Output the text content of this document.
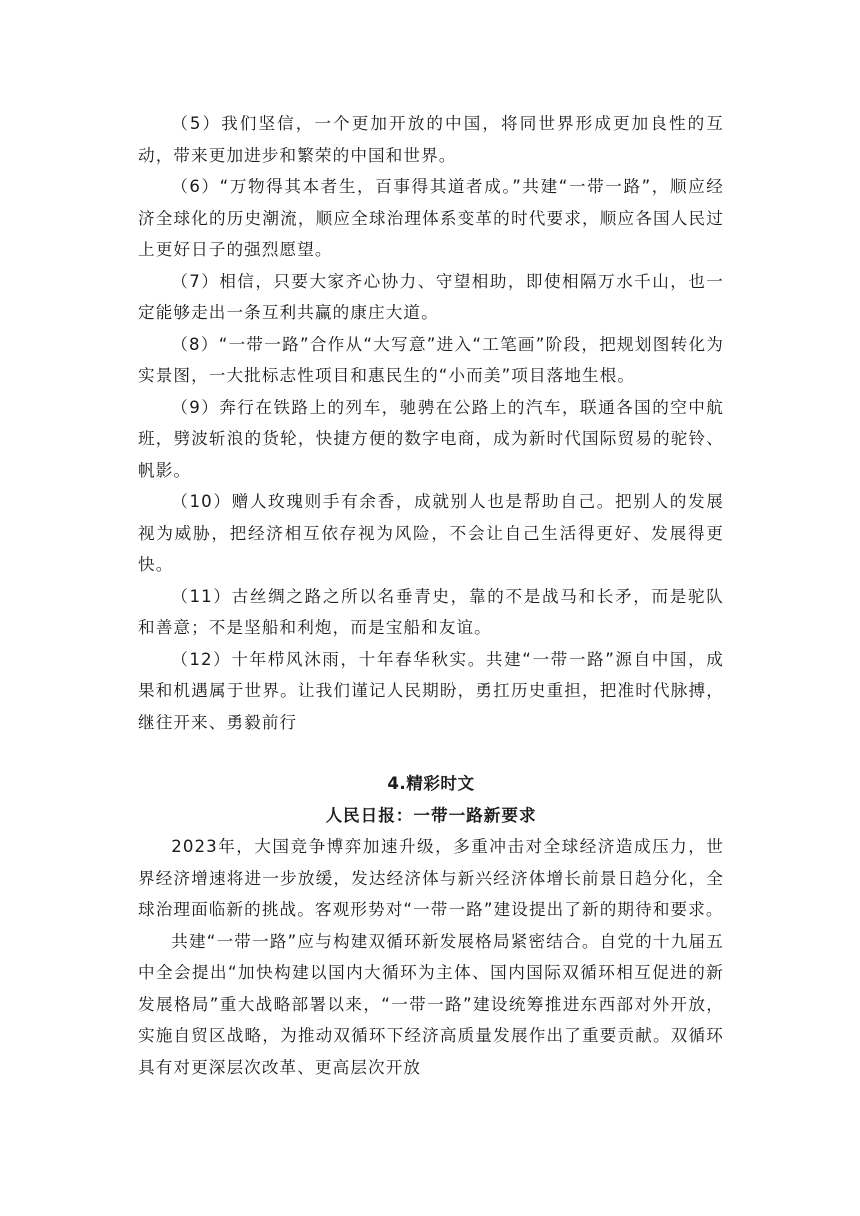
（5）我们坚信，一个更加开放的中国，将同世界形成更加良性的互动，带来更加进步和繁荣的中国和世界。

（6）“万物得其本者生，百事得其道者成。”共建“一带一路”，顺应经济全球化的历史潮流，顺应全球治理体系变革的时代要求，顺应各国人民过上更好日子的强烈愿望。

（7）相信，只要大家齐心协力、守望相助，即使相隔万水千山，也一定能够走出一条互利共赢的康庄大道。

（8）“一带一路”合作从“大写意”进入“工笔画”阶段，把规划图转化为实景图，一大批标志性项目和惠民生的“小而美”项目落地生根。

（9）奔行在铁路上的列车，驰骋在公路上的汽车，联通各国的空中航班，劈波斩浪的货轮，快捷方便的数字电商，成为新时代国际贸易的驼铃、帆影。

（10）赠人玫瑰则手有余香，成就别人也是帮助自己。把别人的发展视为威胁，把经济相互依存视为风险，不会让自己生活得更好、发展得更快。

（11）古丝绸之路之所以名垂青史，靠的不是战马和长矛，而是驼队和善意；不是坚船和利炮，而是宝船和友谊。

（12）十年栉风沐雨，十年春华秋实。共建“一带一路”源自中国，成果和机遇属于世界。让我们谨记人民期盼，勇扛历史重担，把准时代脉搏，继往开来、勇毅前行

4.精彩时文
人民日报：一带一路新要求

2023年，大国竞争博弈加速升级，多重冲击对全球经济造成压力，世界经济增速将进一步放缓，发达经济体与新兴经济体增长前景日趋分化，全球治理面临新的挑战。客观形势对“一带一路”建设提出了新的期待和要求。

共建“一带一路”应与构建双循环新发展格局紧密结合。自党的十九届五中全会提出“加快构建以国内大循环为主体、国内国际双循环相互促进的新发展格局”重大战略部署以来，“一带一路”建设统筹推进东西部对外开放，实施自贸区战略，为推动双循环下经济高质量发展作出了重要贡献。双循环具有对更深层次改革、更高层次开放
